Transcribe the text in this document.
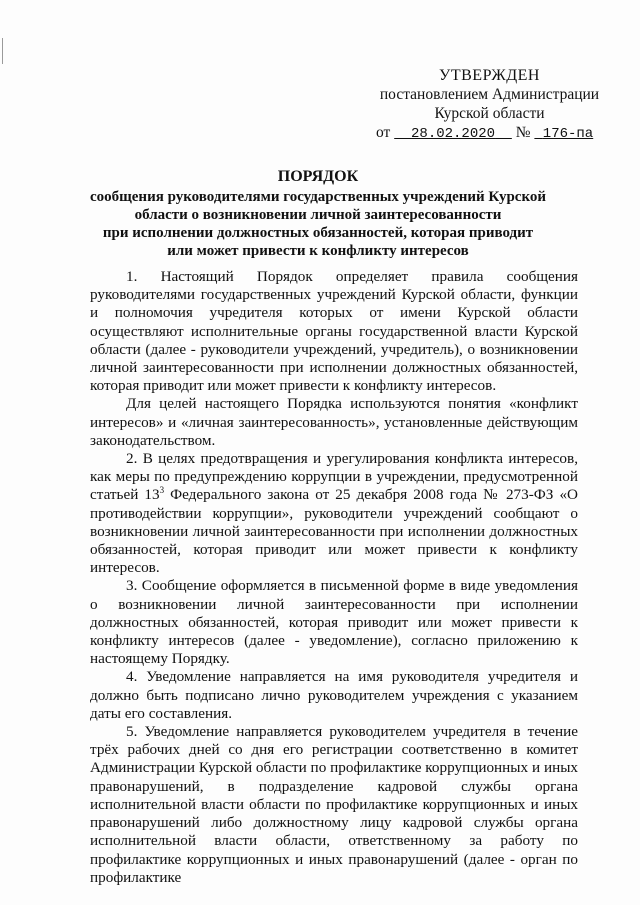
УТВЕРЖДЕН
постановлением Администрации
Курской области
от 28.02.2020 № 176-па
ПОРЯДОК
сообщения руководителями государственных учреждений Курской
области о возникновении личной заинтересованности
при исполнении должностных обязанностей, которая приводит
или может привести к конфликту интересов

1. Настоящий Порядок определяет правила сообщения руководителями государственных учреждений Курской области, функции и полномочия учредителя которых от имени Курской области осуществляют исполнительные органы государственной власти Курской области (далее - руководители учреждений, учредитель), о возникновении личной заинтересованности при исполнении должностных обязанностей, которая приводит или может привести к конфликту интересов.

Для целей настоящего Порядка используются понятия «конфликт интересов» и «личная заинтересованность», установленные действующим законодательством.

2. В целях предотвращения и урегулирования конфликта интересов, как меры по предупреждению коррупции в учреждении, предусмотренной статьей $13^3$ Федерального закона от 25 декабря 2008 года № 273-ФЗ «О противодействии коррупции», руководители учреждений сообщают о возникновении личной заинтересованности при исполнении должностных обязанностей, которая приводит или может привести к конфликту интересов.

3. Сообщение оформляется в письменной форме в виде уведомления о возникновении личной заинтересованности при исполнении должностных обязанностей, которая приводит или может привести к конфликту интересов (далее - уведомление), согласно приложению к настоящему Порядку.

4. Уведомление направляется на имя руководителя учредителя и должно быть подписано лично руководителем учреждения с указанием даты его составления.

5. Уведомление направляется руководителем учредителя в течение трёх рабочих дней со дня его регистрации соответственно в комитет Администрации Курской области по профилактике коррупционных и иных правонарушений, в подразделение кадровой службы органа исполнительной власти области по профилактике коррупционных и иных правонарушений либо должностному лицу кадровой службы органа исполнительной власти области, ответственному за работу по профилактике коррупционных и иных правонарушений (далее - орган по профилактике
